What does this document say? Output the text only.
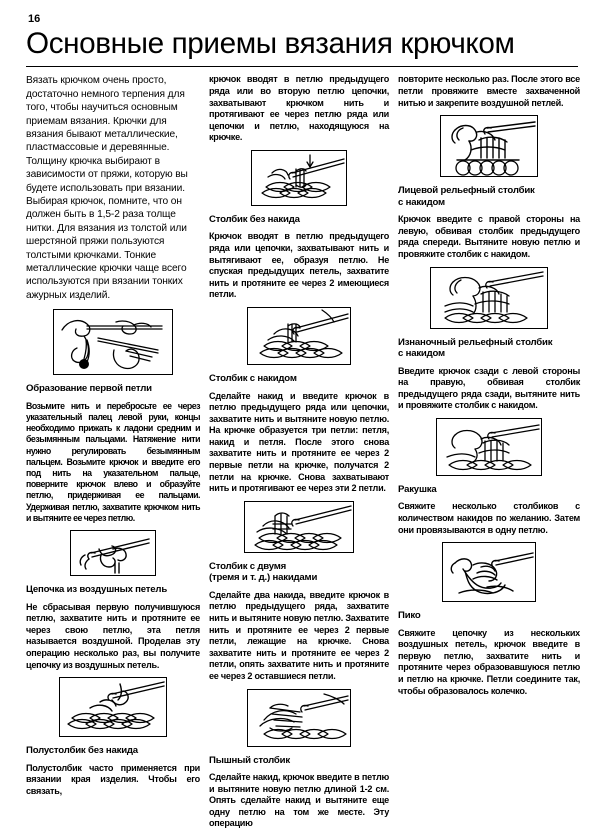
16
Основные приемы вязания крючком

Вязать крючком очень просто, достаточно немного терпения для того, чтобы научиться основным приемам вязания. Крючки для вязания бывают металлические, пластмассовые и деревянные. Толщину крючка выбирают в зависимости от пряжи, которую вы будете использовать при вязании. Выбирая крючок, помните, что он должен быть в 1,5-2 раза толще нитки. Для вязания из толстой или шерстяной пряжи пользуются толстыми крючками. Тонкие металлические крючки чаще всего используются при вязании тонких ажурных изделий.

Образование первой петли

Возьмите нить и перебросьте ее через указательный палец левой руки, концы необходимо прижать к ладони средним и безымянным пальцами. Натяжение нити нужно регулировать безымянным пальцем. Возьмите крючок и введите его под нить на указательном пальце, поверните крючок влево и образуйте петлю, придерживая ее пальцами. Удерживая петлю, захватите крючком нить и вытяните ее через петлю.

Цепочка из воздушных петель

Не сбрасывая первую получившуюся петлю, захватите нить и протяните ее через свою петлю, эта петля называется воздушной. Проделав эту операцию несколько раз, вы получите цепочку из воздушных петель.

Полустолбик без накида

Полустолбик часто применяется при вязании края изделия. Чтобы его связать,

крючок вводят в петлю предыдущего ряда или во вторую петлю цепочки, захватывают крючком нить и протягивают ее через петлю ряда или цепочки и петлю, находящуюся на крючке.

Столбик без накида

Крючок вводят в петлю предыдущего ряда или цепочки, захватывают нить и вытягивают ее, образуя петлю. Не спуская предыдущих петель, захватите нить и протяните ее через 2 имеющиеся петли.

Столбик с накидом

Сделайте накид и введите крючок в петлю предыдущего ряда или цепочки, захватите нить и вытяните новую петлю. На крючке образуется три петли: петля, накид и петля. После этого снова захватите нить и протяните ее через 2 первые петли на крючке, получатся 2 петли на крючке. Снова захватывают нить и протягивают ее через эти 2 петли.

Столбик с двумя
(тремя и т. д.) накидами

Сделайте два накида, введите крючок в петлю предыдущего ряда, захватите нить и вытяните новую петлю. Захватите нить и протяните ее через 2 первые петли, лежащие на крючке. Снова захватите нить и протяните ее через 2 петли, опять захватите нить и протяните ее через 2 оставшиеся петли.

Пышный столбик

Сделайте накид, крючок введите в петлю и вытяните новую петлю длиной 1-2 см. Опять сделайте накид и вытяните еще одну петлю на том же месте. Эту операцию

повторите несколько раз. После этого все петли провяжите вместе захваченной нитью и закрепите воздушной петлей.

Лицевой рельефный столбик
с накидом

Крючок введите с правой стороны на левую, обвивая столбик предыдущего ряда спереди. Вытяните новую петлю и провяжите столбик с накидом.

Изнаночный рельефный столбик
с накидом

Введите крючок сзади с левой стороны на правую, обвивая столбик предыдущего ряда сзади, вытяните нить и провяжите столбик с накидом.

Ракушка

Свяжите несколько столбиков с количеством накидов по желанию. Затем они провязываются в одну петлю.

Пико

Свяжите цепочку из нескольких воздушных петель, крючок введите в первую петлю, захватите нить и протяните через образовавшуюся петлю и петлю на крючке. Петли соедините так, чтобы образовалось колечко.
